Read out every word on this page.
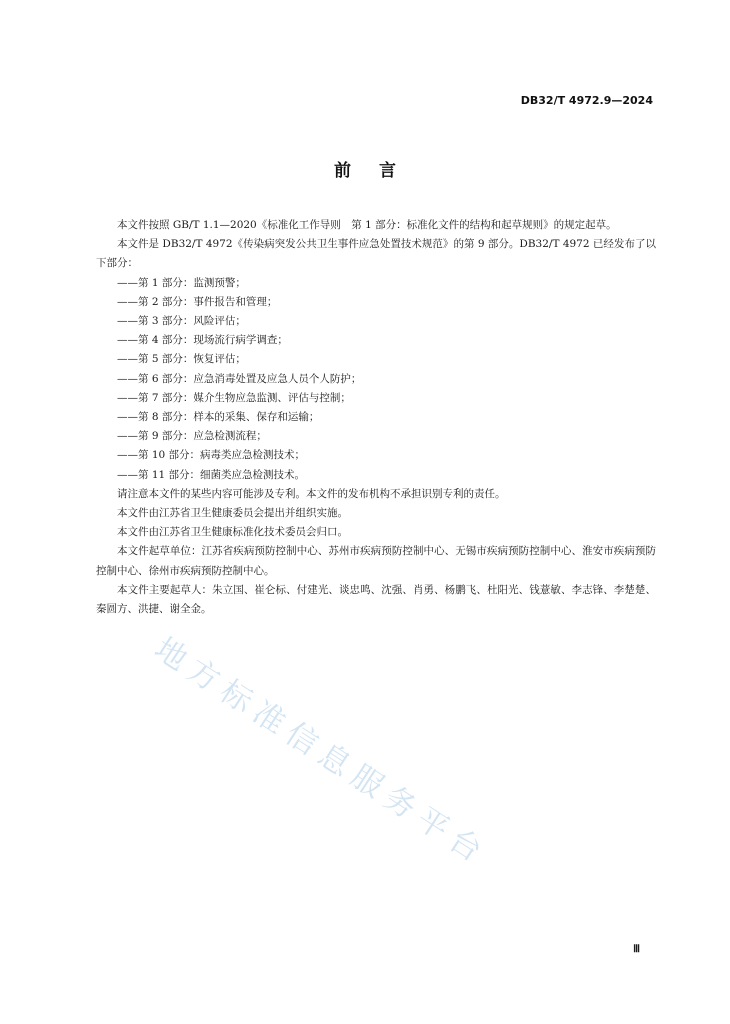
DB32/T 4972.9—2024
前言

本文件按照 GB/T 1.1—2020《标准化工作导则　第 1 部分：标准化文件的结构和起草规则》的规定起草。

本文件是 DB32/T 4972《传染病突发公共卫生事件应急处置技术规范》的第 9 部分。DB32/T 4972 已经发布了以下部分：

——第 1 部分：监测预警；

——第 2 部分：事件报告和管理；

——第 3 部分：风险评估；

——第 4 部分：现场流行病学调查；

——第 5 部分：恢复评估；

——第 6 部分：应急消毒处置及应急人员个人防护；

——第 7 部分：媒介生物应急监测、评估与控制；

——第 8 部分：样本的采集、保存和运输；

——第 9 部分：应急检测流程；

——第 10 部分：病毒类应急检测技术；

——第 11 部分：细菌类应急检测技术。

请注意本文件的某些内容可能涉及专利。本文件的发布机构不承担识别专利的责任。

本文件由江苏省卫生健康委员会提出并组织实施。

本文件由江苏省卫生健康标准化技术委员会归口。

本文件起草单位：江苏省疾病预防控制中心、苏州市疾病预防控制中心、无锡市疾病预防控制中心、淮安市疾病预防控制中心、徐州市疾病预防控制中心。

本文件主要起草人：朱立国、崔仑标、付建光、谈忠鸣、沈强、肖勇、杨鹏飞、杜阳光、钱薏敏、李志锋、李楚楚、秦圆方、洪捷、谢全金。

地方标准信息服务平台
Ⅲ
